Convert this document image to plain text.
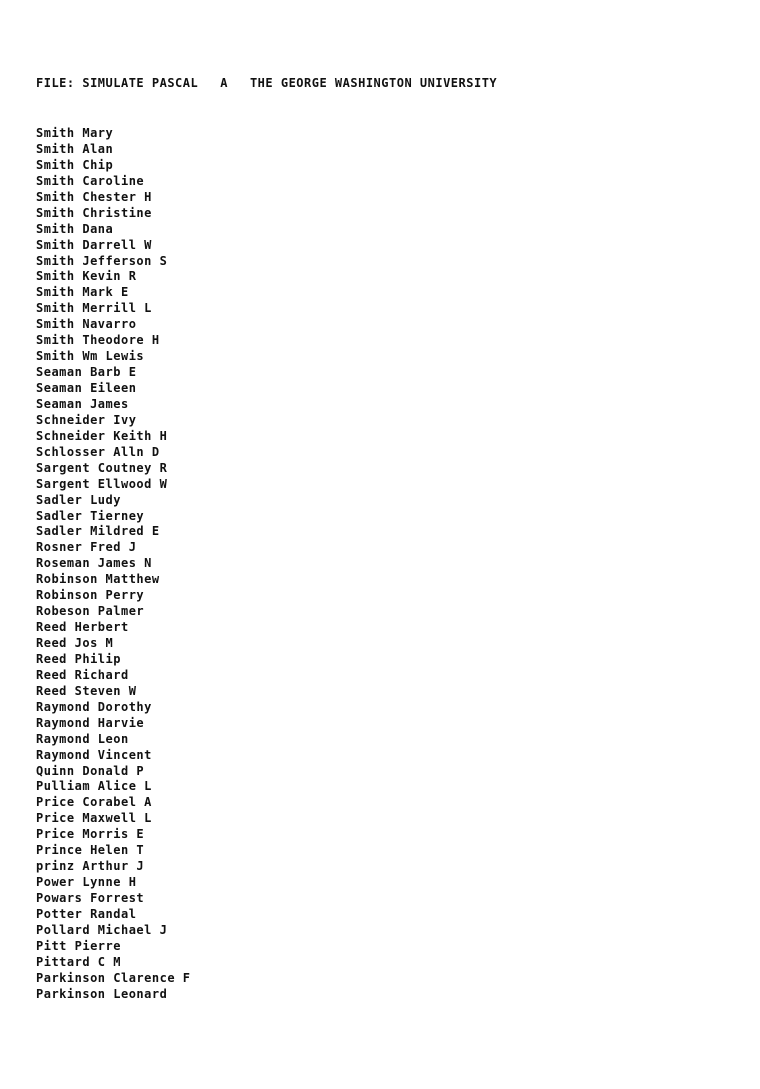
FILE: SIMULATE PASCAL A THE GEORGE WASHINGTON UNIVERSITY
Smith Mary
Smith Alan
Smith Chip
Smith Caroline
Smith Chester H
Smith Christine
Smith Dana
Smith Darrell W
Smith Jefferson S
Smith Kevin R
Smith Mark E
Smith Merrill L
Smith Navarro
Smith Theodore H
Smith Wm Lewis
Seaman Barb E
Seaman Eileen
Seaman James
Schneider Ivy
Schneider Keith H
Schlosser Alln D
Sargent Coutney R
Sargent Ellwood W
Sadler Ludy
Sadler Tierney
Sadler Mildred E
Rosner Fred J
Roseman James N
Robinson Matthew
Robinson Perry
Robeson Palmer
Reed Herbert
Reed Jos M
Reed Philip
Reed Richard
Reed Steven W
Raymond Dorothy
Raymond Harvie
Raymond Leon
Raymond Vincent
Quinn Donald P
Pulliam Alice L
Price Corabel A
Price Maxwell L
Price Morris E
Prince Helen T
prinz Arthur J
Power Lynne H
Powars Forrest
Potter Randal
Pollard Michael J
Pitt Pierre
Pittard C M
Parkinson Clarence F
Parkinson Leonard
